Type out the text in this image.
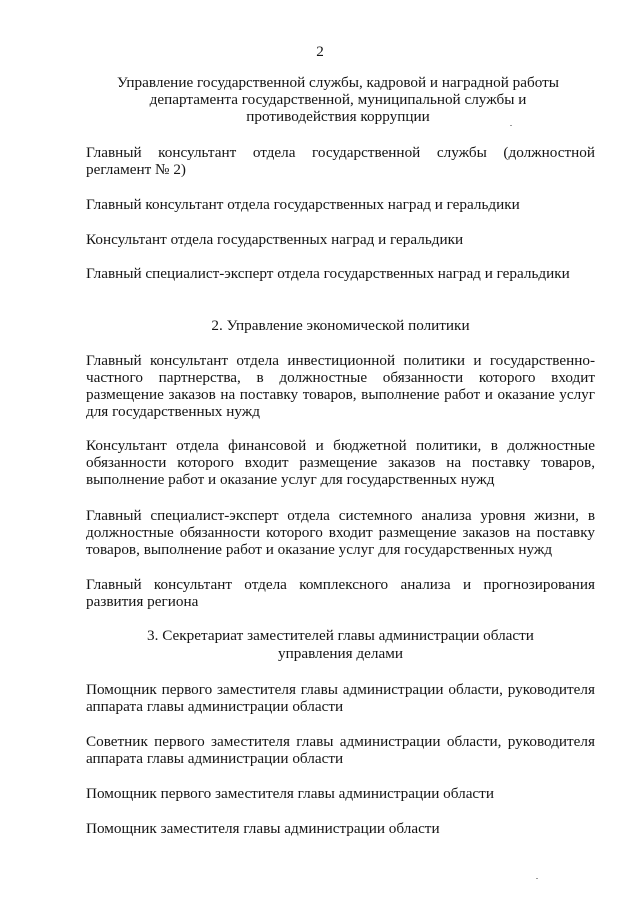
2

Управление государственной службы, кадровой и наградной работы департамента государственной, муниципальной службы и противодействия коррупции

Главный консультант отдела государственной службы (должностной регламент № 2)

Главный консультант отдела государственных наград и геральдики

Консультант отдела государственных наград и геральдики

Главный специалист-эксперт отдела государственных наград и геральдики

2. Управление экономической политики

Главный консультант отдела инвестиционной политики и государственно-частного партнерства, в должностные обязанности которого входит размещение заказов на поставку товаров, выполнение работ и оказание услуг для государственных нужд

Консультант отдела финансовой и бюджетной политики, в должностные обязанности которого входит размещение заказов на поставку товаров, выполнение работ и оказание услуг для государственных нужд

Главный специалист-эксперт отдела системного анализа уровня жизни, в должностные обязанности которого входит размещение заказов на поставку товаров, выполнение работ и оказание услуг для государственных нужд

Главный консультант отдела комплексного анализа и прогнозирования развития региона

3. Секретариат заместителей главы администрации области

управления делами

Помощник первого заместителя главы администрации области, руководителя аппарата главы администрации области

Советник первого заместителя главы администрации области, руководителя аппарата главы администрации области

Помощник первого заместителя главы администрации области

Помощник заместителя главы администрации области
